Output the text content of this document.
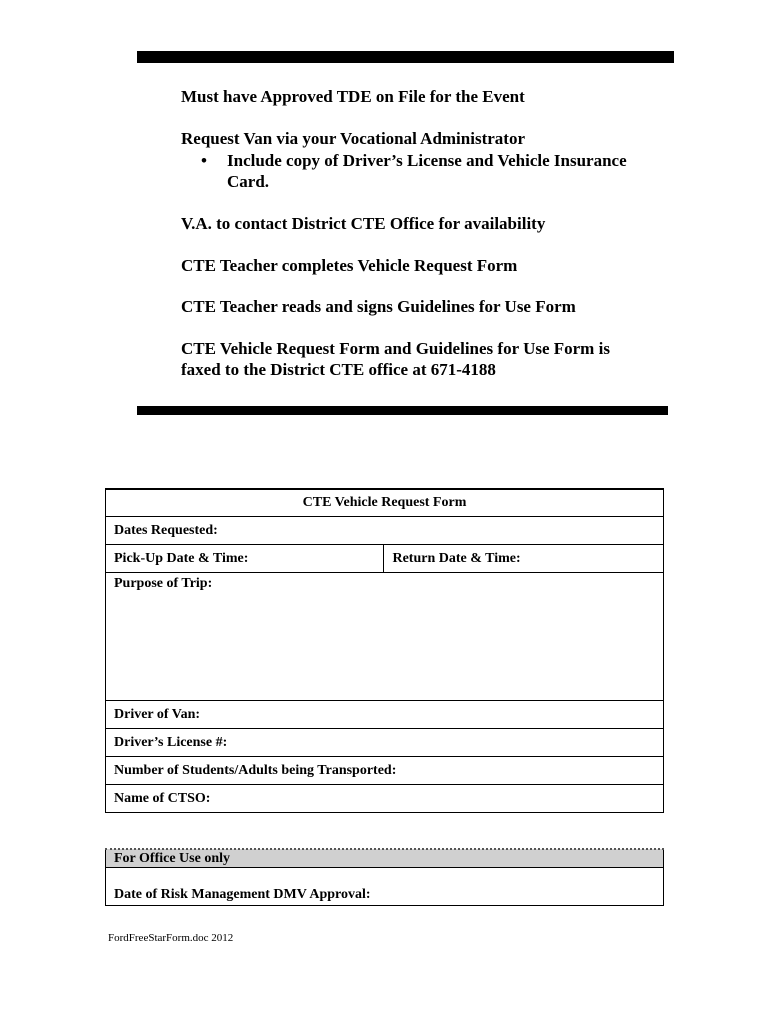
Must have Approved TDE on File for the Event

Request Van via your Vocational Administrator

• Include copy of Driver’s License and Vehicle Insurance Card.

V.A. to contact District CTE Office for availability

CTE Teacher completes Vehicle Request Form

CTE Teacher reads and signs Guidelines for Use Form

CTE Vehicle Request Form and Guidelines for Use Form is faxed to the District CTE office at 671-4188

CTE Vehicle Request Form
Dates Requested:
Pick-Up Date & Time:	Return Date & Time:
Purpose of Trip:
Driver of Van:
Driver’s License #:
Number of Students/Adults being Transported:
Name of CTSO:
For Office Use only
Date of Risk Management DMV Approval:
FordFreeStarForm.doc 2012
